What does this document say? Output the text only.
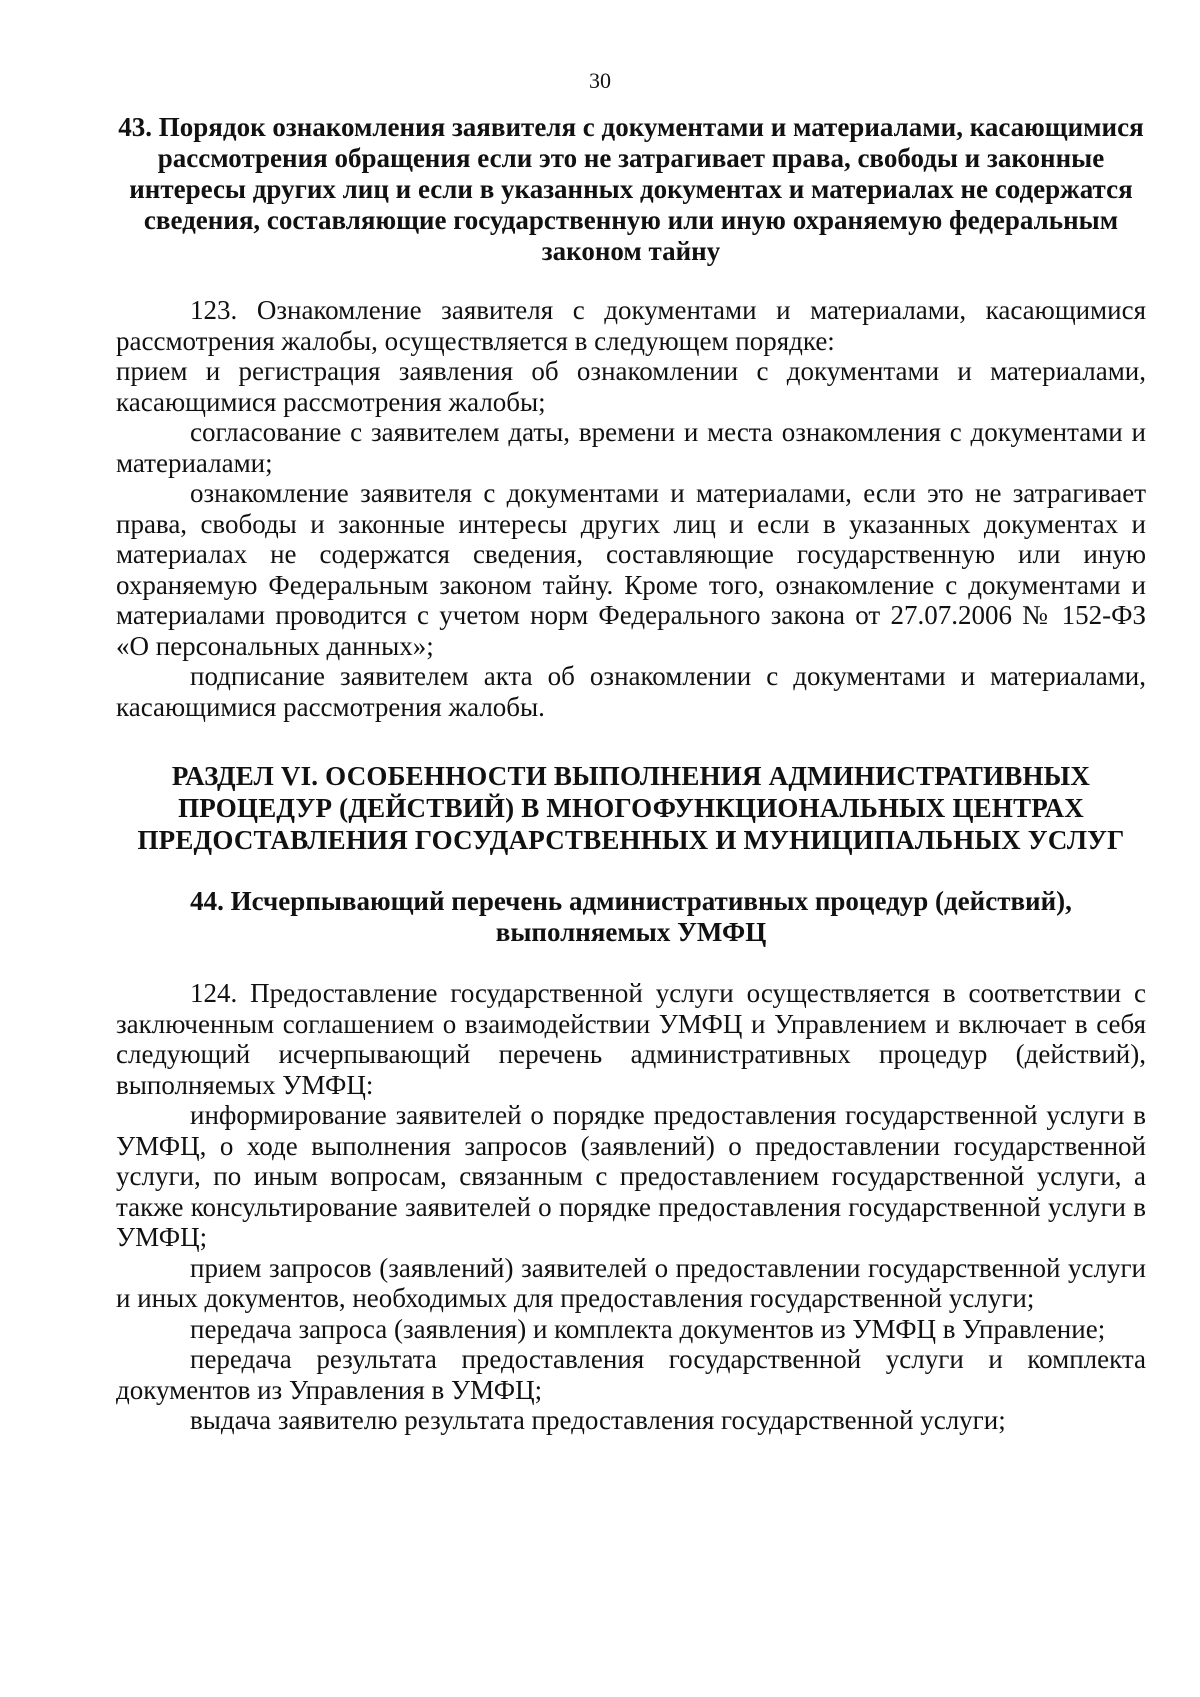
30
43. Порядок ознакомления заявителя с документами и материалами, касающимися рассмотрения обращения если это не затрагивает права, свободы и законные интересы других лиц и если в указанных документах и материалах не содержатся сведения, составляющие государственную или иную охраняемую федеральным законом тайну

123. Ознакомление заявителя с документами и материалами, касающимися рассмотрения жалобы, осуществляется в следующем порядке:

прием и регистрация заявления об ознакомлении с документами и материалами, касающимися рассмотрения жалобы;

согласование с заявителем даты, времени и места ознакомления с документами и материалами;

ознакомление заявителя с документами и материалами, если это не затрагивает права, свободы и законные интересы других лиц и если в указанных документах и материалах не содержатся сведения, составляющие государственную или иную охраняемую Федеральным законом тайну. Кроме того, ознакомление с документами и материалами проводится с учетом норм Федерального закона от 27.07.2006 № 152-ФЗ «О персональных данных»;

подписание заявителем акта об ознакомлении с документами и материалами, касающимися рассмотрения жалобы.

РАЗДЕЛ VI. ОСОБЕННОСТИ ВЫПОЛНЕНИЯ АДМИНИСТРАТИВНЫХ ПРОЦЕДУР (ДЕЙСТВИЙ) В МНОГОФУНКЦИОНАЛЬНЫХ ЦЕНТРАХ ПРЕДОСТАВЛЕНИЯ ГОСУДАРСТВЕННЫХ И МУНИЦИПАЛЬНЫХ УСЛУГ
44. Исчерпывающий перечень административных процедур (действий), выполняемых УМФЦ

124. Предоставление государственной услуги осуществляется в соответствии с заключенным соглашением о взаимодействии УМФЦ и Управлением и включает в себя следующий исчерпывающий перечень административных процедур (действий), выполняемых УМФЦ:

информирование заявителей о порядке предоставления государственной услуги в УМФЦ, о ходе выполнения запросов (заявлений) о предоставлении государственной услуги, по иным вопросам, связанным с предоставлением государственной услуги, а также консультирование заявителей о порядке предоставления государственной услуги в УМФЦ;

прием запросов (заявлений) заявителей о предоставлении государственной услуги и иных документов, необходимых для предоставления государственной услуги;

передача запроса (заявления) и комплекта документов из УМФЦ в Управление;

передача результата предоставления государственной услуги и комплекта документов из Управления в УМФЦ;

выдача заявителю результата предоставления государственной услуги;
